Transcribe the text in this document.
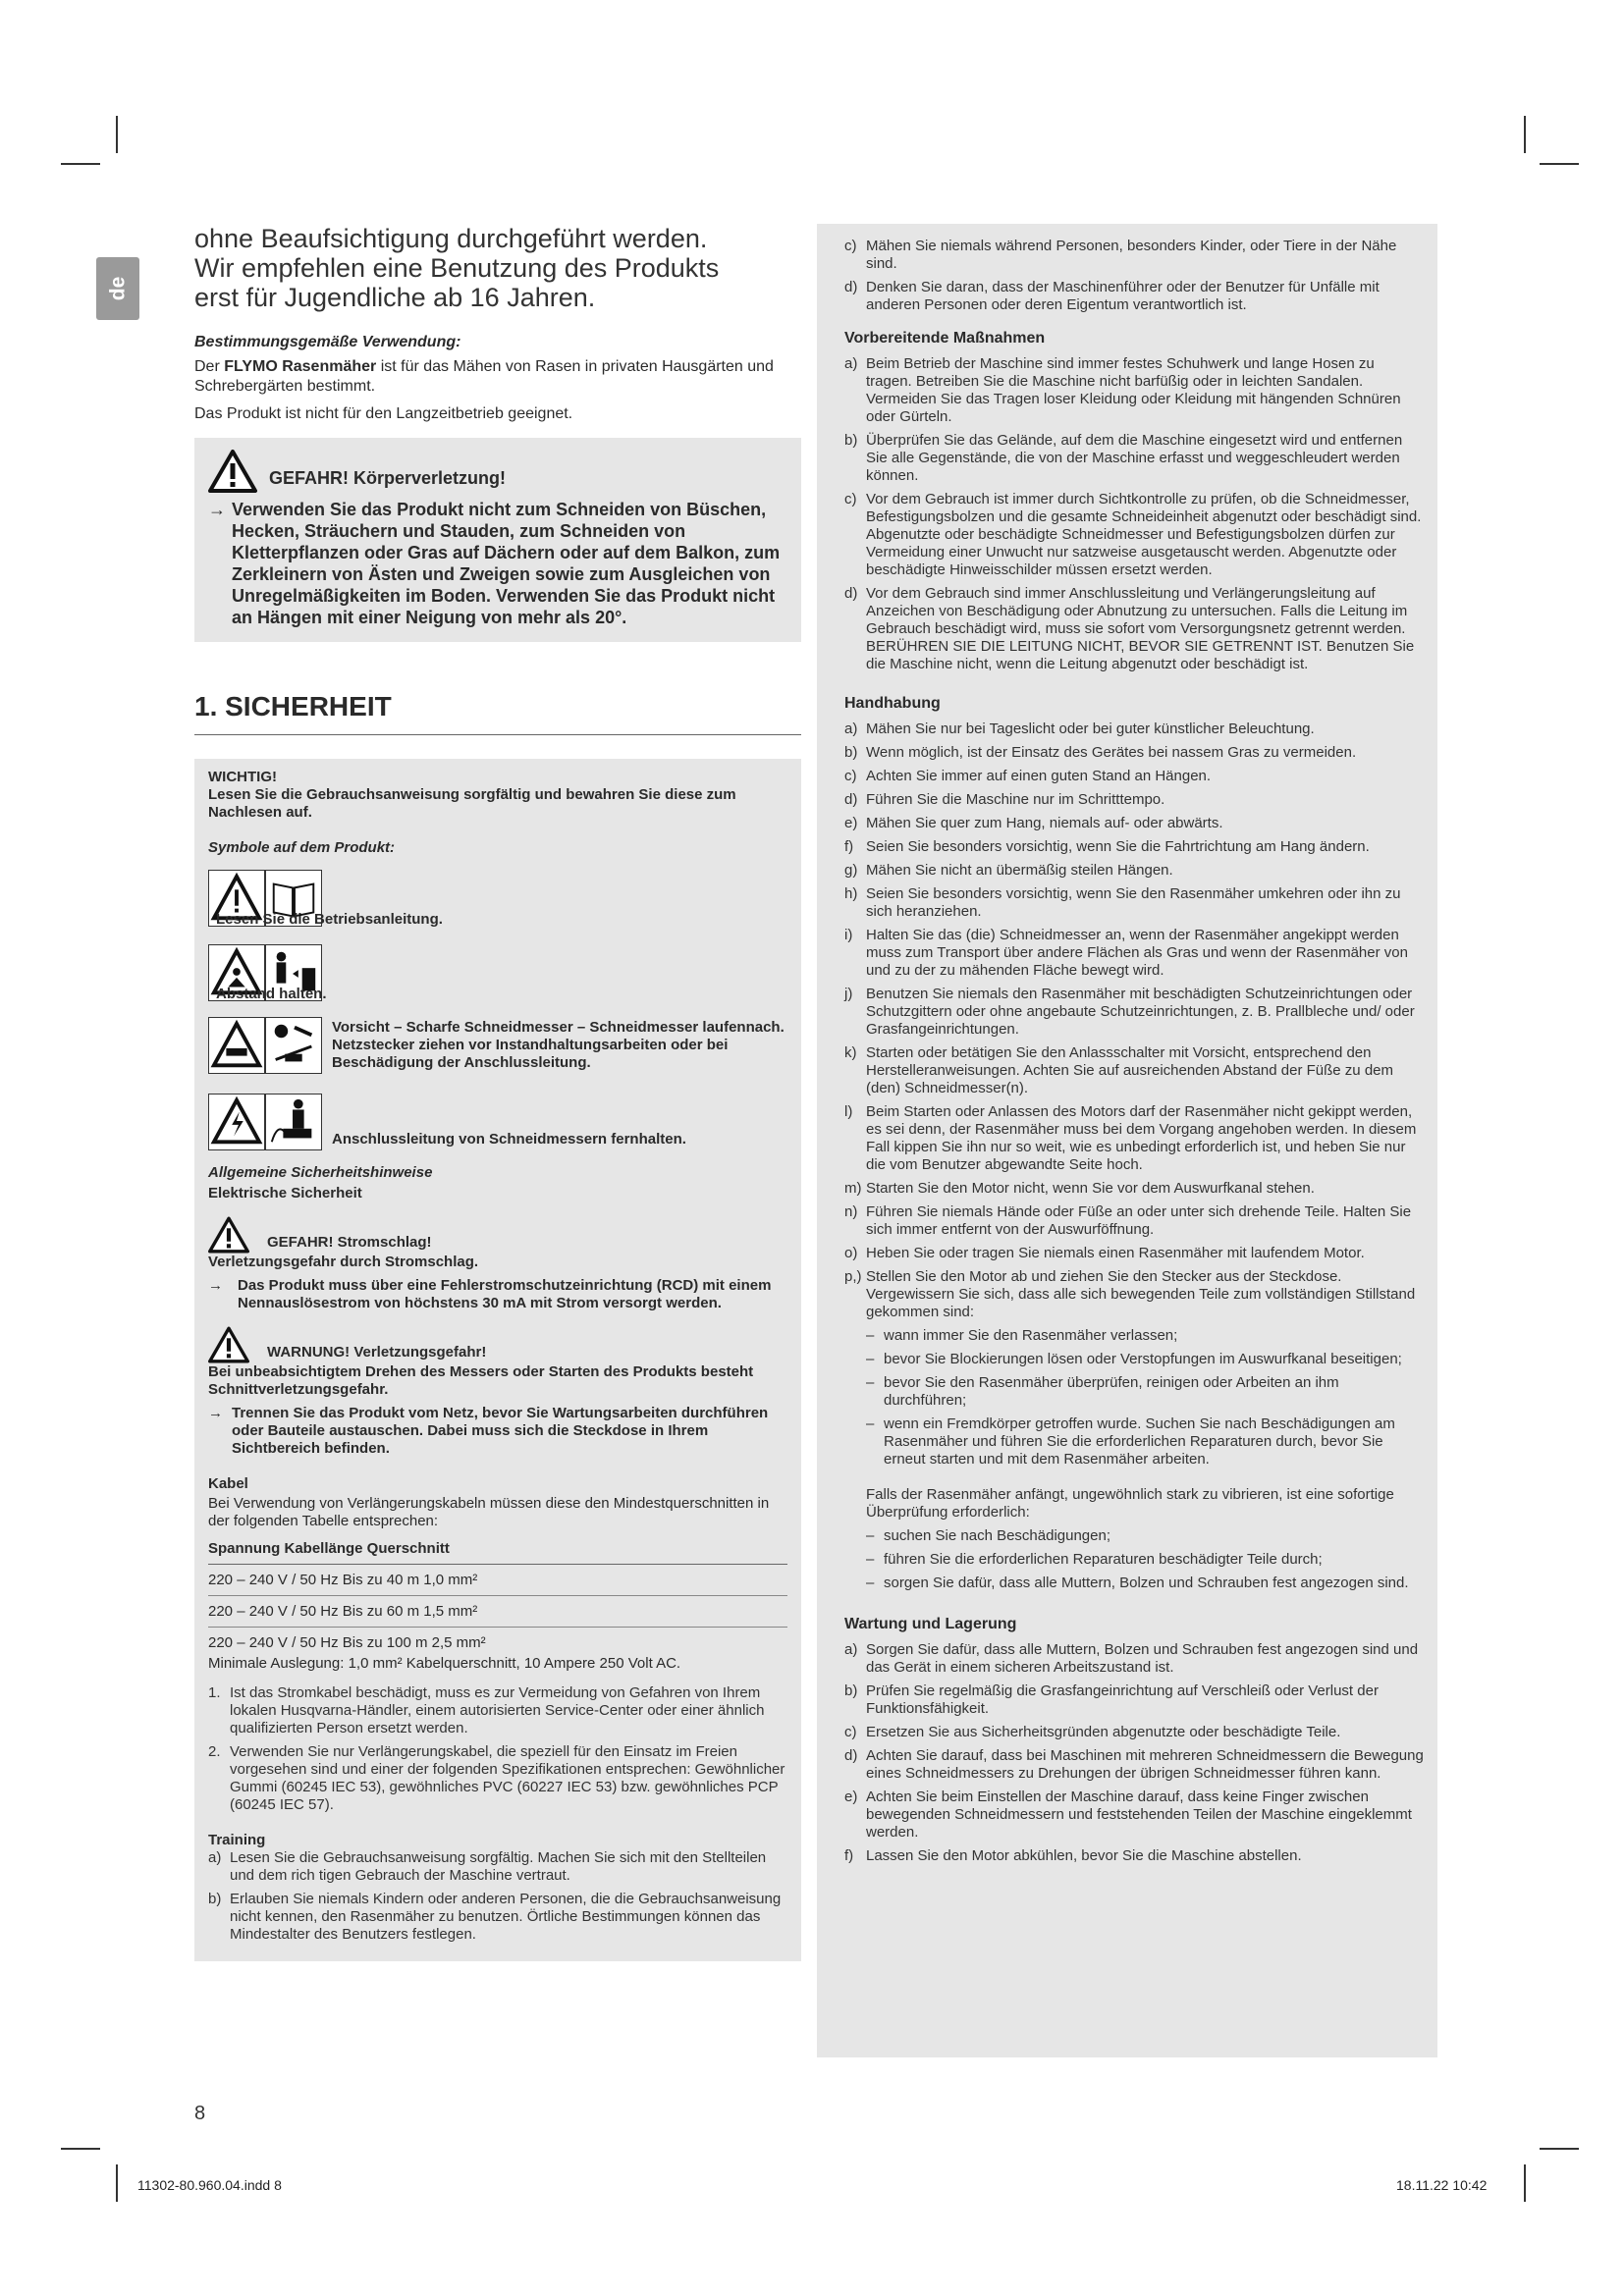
de
ohne Beaufsichtigung durchgeführt werden.
Wir empfehlen eine Benutzung des Produkts
erst für Jugendliche ab 16 Jahren.
Bestimmungsgemäße Verwendung:
Der FLYMO Rasenmäher ist für das Mähen von Rasen in privaten Hausgärten und Schrebergärten bestimmt.
Das Produkt ist nicht für den Langzeitbetrieb geeignet.
GEFAHR! Körperverletzung!
→ Verwenden Sie das Produkt nicht zum Schneiden von Büschen, Hecken, Sträuchern und Stauden, zum Schneiden von Kletterpflanzen oder Gras auf Dächern oder auf dem Balkon, zum Zerkleinern von Ästen und Zweigen sowie zum Ausgleichen von Unregelmäßigkeiten im Boden. Verwenden Sie das Produkt nicht an Hängen mit einer Neigung von mehr als 20°.
1. SICHERHEIT
WICHTIG!
Lesen Sie die Gebrauchsanweisung sorgfältig und bewahren Sie diese zum Nachlesen auf.
Symbole auf dem Produkt:
Lesen Sie die Betriebsanleitung.
Abstand halten.
Vorsicht – Scharfe Schneidmesser – Schneidmesser laufennach. Netzstecker ziehen vor Instandhaltungsarbeiten oder bei Beschädigung der Anschlussleitung.
Anschlussleitung von Schneidmessern fernhalten.
Allgemeine Sicherheitshinweise
Elektrische Sicherheit
GEFAHR! Stromschlag!
Verletzungsgefahr durch Stromschlag.
→	Das Produkt muss über eine Fehlerstromschutzeinrichtung (RCD) mit einem Nennauslösestrom von höchstens 30 mA mit Strom versorgt werden.
WARNUNG! Verletzungsgefahr!
Bei unbeabsichtigtem Drehen des Messers oder Starten des Produkts besteht Schnittverletzungsgefahr.
→ Trennen Sie das Produkt vom Netz, bevor Sie Wartungsarbeiten durchführen oder Bauteile austauschen. Dabei muss sich die Steckdose in Ihrem Sichtbereich befinden.
Kabel
Bei Verwendung von Verlängerungskabeln müssen diese den Mindestquerschnitten in der folgenden Tabelle entsprechen:
Spannung Kabellänge Querschnitt
220 – 240 V / 50 Hz Bis zu 40 m 1,0 mm²
220 – 240 V / 50 Hz Bis zu 60 m 1,5 mm²
220 – 240 V / 50 Hz Bis zu 100 m 2,5 mm²
Minimale Auslegung: 1,0 mm² Kabelquerschnitt, 10 Ampere 250 Volt AC.
1. Ist das Stromkabel beschädigt, muss es zur Vermeidung von Gefahren von Ihrem lokalen Husqvarna-Händler, einem autorisierten Service-Center oder einer ähnlich qualifizierten Person ersetzt werden.
2. Verwenden Sie nur Verlängerungskabel, die speziell für den Einsatz im Freien vorgesehen sind und einer der folgenden Spezifikationen entsprechen: Gewöhnlicher Gummi (60245 IEC 53), gewöhnliches PVC (60227 IEC 53) bzw. gewöhnliches PCP (60245 IEC 57).
Training
a) Lesen Sie die Gebrauchsanweisung sorgfältig. Machen Sie sich mit den Stellteilen und dem rich tigen Gebrauch der Maschine vertraut.
b) Erlauben Sie niemals Kindern oder anderen Personen, die die Gebrauchsanweisung nicht kennen, den Rasenmäher zu benutzen. Örtliche Bestimmungen können das Mindestalter des Benutzers festlegen.
c) Mähen Sie niemals während Personen, besonders Kinder, oder Tiere in der Nähe sind.
d) Denken Sie daran, dass der Maschinenführer oder der Benutzer für Unfälle mit anderen Personen oder deren Eigentum verantwortlich ist.
Vorbereitende Maßnahmen
a) Beim Betrieb der Maschine sind immer festes Schuhwerk und lange Hosen zu tragen. Betreiben Sie die Maschine nicht barfüßig oder in leichten Sandalen. Vermeiden Sie das Tragen loser Kleidung oder Kleidung mit hängenden Schnüren oder Gürteln.
b) Überprüfen Sie das Gelände, auf dem die Maschine eingesetzt wird und entfernen Sie alle Gegenstände, die von der Maschine erfasst und weggeschleudert werden können.
c) Vor dem Gebrauch ist immer durch Sichtkontrolle zu prüfen, ob die Schneidmesser, Befestigungsbolzen und die gesamte Schneideinheit abgenutzt oder beschädigt sind. Abgenutzte oder beschädigte Schneidmesser und Befestigungsbolzen dürfen zur Vermeidung einer Unwucht nur satzweise ausgetauscht werden. Abgenutzte oder beschädigte Hinweisschilder müssen ersetzt werden.
d) Vor dem Gebrauch sind immer Anschlussleitung und Verlängerungsleitung auf Anzeichen von Beschädigung oder Abnutzung zu untersuchen. Falls die Leitung im Gebrauch beschädigt wird, muss sie sofort vom Versorgungsnetz getrennt werden. BERÜHREN SIE DIE LEITUNG NICHT, BEVOR SIE GETRENNT IST. Benutzen Sie die Maschine nicht, wenn die Leitung abgenutzt oder beschädigt ist.
Handhabung
a) Mähen Sie nur bei Tageslicht oder bei guter künstlicher Beleuchtung.
b) Wenn möglich, ist der Einsatz des Gerätes bei nassem Gras zu vermeiden.
c) Achten Sie immer auf einen guten Stand an Hängen.
d) Führen Sie die Maschine nur im Schritttempo.
e) Mähen Sie quer zum Hang, niemals auf- oder abwärts.
f) Seien Sie besonders vorsichtig, wenn Sie die Fahrtrichtung am Hang ändern.
g) Mähen Sie nicht an übermäßig steilen Hängen.
h) Seien Sie besonders vorsichtig, wenn Sie den Rasenmäher umkehren oder ihn zu sich heranziehen.
i) Halten Sie das (die) Schneidmesser an, wenn der Rasenmäher angekippt werden muss zum Transport über andere Flächen als Gras und wenn der Rasenmäher von und zu der zu mähenden Fläche bewegt wird.
j) Benutzen Sie niemals den Rasenmäher mit beschädigten Schutzeinrichtungen oder Schutzgittern oder ohne angebaute Schutzeinrichtungen, z. B. Prallbleche und/ oder Grasfangeinrichtungen.
k) Starten oder betätigen Sie den Anlassschalter mit Vorsicht, entsprechend den Herstelleranweisungen. Achten Sie auf ausreichenden Abstand der Füße zu dem (den) Schneidmesser(n).
l) Beim Starten oder Anlassen des Motors darf der Rasenmäher nicht gekippt werden, es sei denn, der Rasenmäher muss bei dem Vorgang angehoben werden. In diesem Fall kippen Sie ihn nur so weit, wie es unbedingt erforderlich ist, und heben Sie nur die vom Benutzer abgewandte Seite hoch.
m) Starten Sie den Motor nicht, wenn Sie vor dem Auswurfkanal stehen.
n) Führen Sie niemals Hände oder Füße an oder unter sich drehende Teile. Halten Sie sich immer entfernt von der Auswurföffnung.
o) Heben Sie oder tragen Sie niemals einen Rasenmäher mit laufendem Motor.
p,) Stellen Sie den Motor ab und ziehen Sie den Stecker aus der Steckdose. Vergewissern Sie sich, dass alle sich bewegenden Teile zum vollständigen Stillstand gekommen sind:
– wann immer Sie den Rasenmäher verlassen;
– bevor Sie Blockierungen lösen oder Verstopfungen im Auswurfkanal beseitigen;
– bevor Sie den Rasenmäher überprüfen, reinigen oder Arbeiten an ihm durchführen;
– wenn ein Fremdkörper getroffen wurde. Suchen Sie nach Beschädigungen am Rasenmäher und führen Sie die erforderlichen Reparaturen durch, bevor Sie erneut starten und mit dem Rasenmäher arbeiten.
Falls der Rasenmäher anfängt, ungewöhnlich stark zu vibrieren, ist eine sofortige Überprüfung erforderlich:
– suchen Sie nach Beschädigungen;
– führen Sie die erforderlichen Reparaturen beschädigter Teile durch;
– sorgen Sie dafür, dass alle Muttern, Bolzen und Schrauben fest angezogen sind.
Wartung und Lagerung
a) Sorgen Sie dafür, dass alle Muttern, Bolzen und Schrauben fest angezogen sind und das Gerät in einem sicheren Arbeitszustand ist.
b) Prüfen Sie regelmäßig die Grasfangeinrichtung auf Verschleiß oder Verlust der Funktionsfähigkeit.
c) Ersetzen Sie aus Sicherheitsgründen abgenutzte oder beschädigte Teile.
d) Achten Sie darauf, dass bei Maschinen mit mehreren Schneidmessern die Bewegung eines Schneidmessers zu Drehungen der übrigen Schneidmesser führen kann.
e) Achten Sie beim Einstellen der Maschine darauf, dass keine Finger zwischen bewegenden Schneidmessern und feststehenden Teilen der Maschine eingeklemmt werden.
f) Lassen Sie den Motor abkühlen, bevor Sie die Maschine abstellen.
8
11302-80.960.04.indd 8	18.11.22 10:42
